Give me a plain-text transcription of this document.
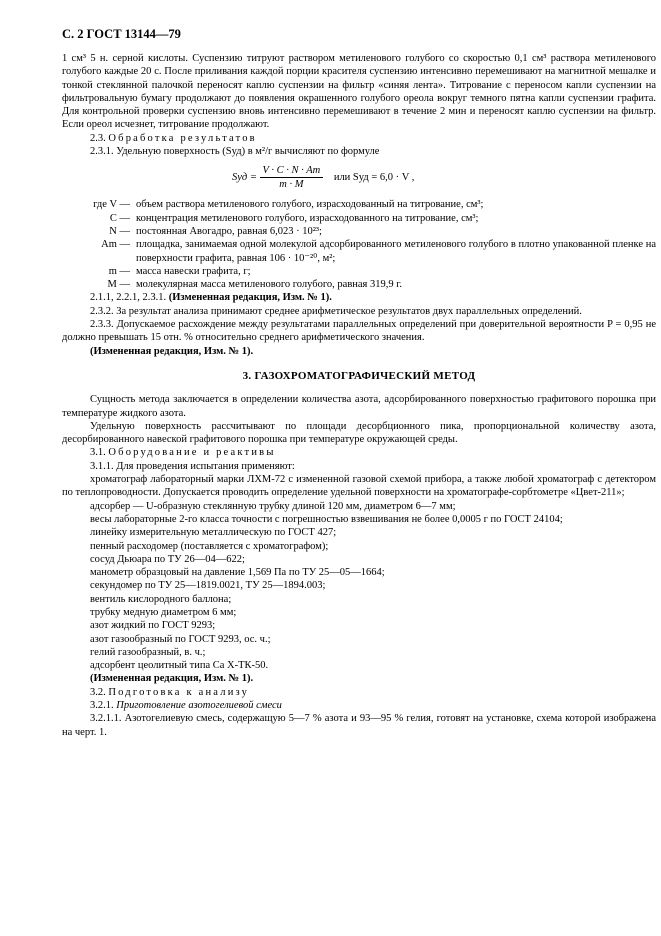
С. 2 ГОСТ 13144—79

1 см³ 5 н. серной кислоты. Суспензию титруют раствором метиленового голубого со скоростью 0,1 см³ раствора метиленового голубого каждые 20 с. После приливания каждой порции красителя суспензию интенсивно перемешивают на магнитной мешалке и тонкой стеклянной палочкой переносят каплю суспензии на фильтр «синяя лента». Титрование с переносом капли суспензии на фильтровальную бумагу продолжают до появления окрашенного голубого ореола вокруг темного пятна капли суспензии графита. Для контрольной проверки суспензию вновь интенсивно перемешивают в течение 2 мин и переносят каплю суспензии на фильтр. Если ореол исчезнет, титрование продолжают.

2.3. Обработка результатов

2.3.1. Удельную поверхность (Sуд) в м²/г вычисляют по формуле

Sуд = $\frac{V \cdot C \cdot N \cdot Am}{m \cdot M}$ или Sуд = 6,0 · V ,
где V — объем раствора метиленового голубого, израсходованный на титрование, см³;
C — концентрация метиленового голубого, израсходованного на титрование, см³;
N — постоянная Авогадро, равная 6,023 · 10²³;
Am — площадка, занимаемая одной молекулой адсорбированного метиленового голубого в плотно упакованной пленке на поверхности графита, равная 106 · 10⁻²⁰, м²;
m — масса навески графита, г;
M — молекулярная масса метиленового голубого, равная 319,9 г.

2.1.1, 2.2.1, 2.3.1. (Измененная редакция, Изм. № 1).

2.3.2. За результат анализа принимают среднее арифметическое результатов двух параллельных определений.

2.3.3. Допускаемое расхождение между результатами параллельных определений при доверительной вероятности P = 0,95 не должно превышать 15 отн. % относительно среднего арифметического значения.

(Измененная редакция, Изм. № 1).

3. ГАЗОХРОМАТОГРАФИЧЕСКИЙ МЕТОД

Сущность метода заключается в определении количества азота, адсорбированного поверхностью графитового порошка при температуре жидкого азота.

Удельную поверхность рассчитывают по площади десорбционного пика, пропорциональной количеству азота, десорбированного навеской графитового порошка при температуре окружающей среды.

3.1. Оборудование и реактивы

3.1.1. Для проведения испытания применяют:

хроматограф лабораторный марки ЛХМ-72 с измененной газовой схемой прибора, а также любой хроматограф с детектором по теплопроводности. Допускается проводить определение удельной поверхности на хроматографе-сорбтометре «Цвет-211»;

адсорбер — U-образную стеклянную трубку длиной 120 мм, диаметром 6—7 мм;

весы лабораторные 2-го класса точности с погрешностью взвешивания не более 0,0005 г по ГОСТ 24104;

линейку измерительную металлическую по ГОСТ 427;

пенный расходомер (поставляется с хроматографом);

сосуд Дьюара по ТУ 26—04—622;

манометр образцовый на давление 1,569 Па по ТУ 25—05—1664;

секундомер по ТУ 25—1819.0021, ТУ 25—1894.003;

вентиль кислородного баллона;

трубку медную диаметром 6 мм;

азот жидкий по ГОСТ 9293;

азот газообразный по ГОСТ 9293, ос. ч.;

гелий газообразный, в. ч.;

адсорбент цеолитный типа Са Х-ТК-50.

(Измененная редакция, Изм. № 1).

3.2. Подготовка к анализу

3.2.1. Приготовление азотогелиевой смеси

3.2.1.1. Азотогелиевую смесь, содержащую 5—7 % азота и 93—95 % гелия, готовят на установке, схема которой изображена на черт. 1.
